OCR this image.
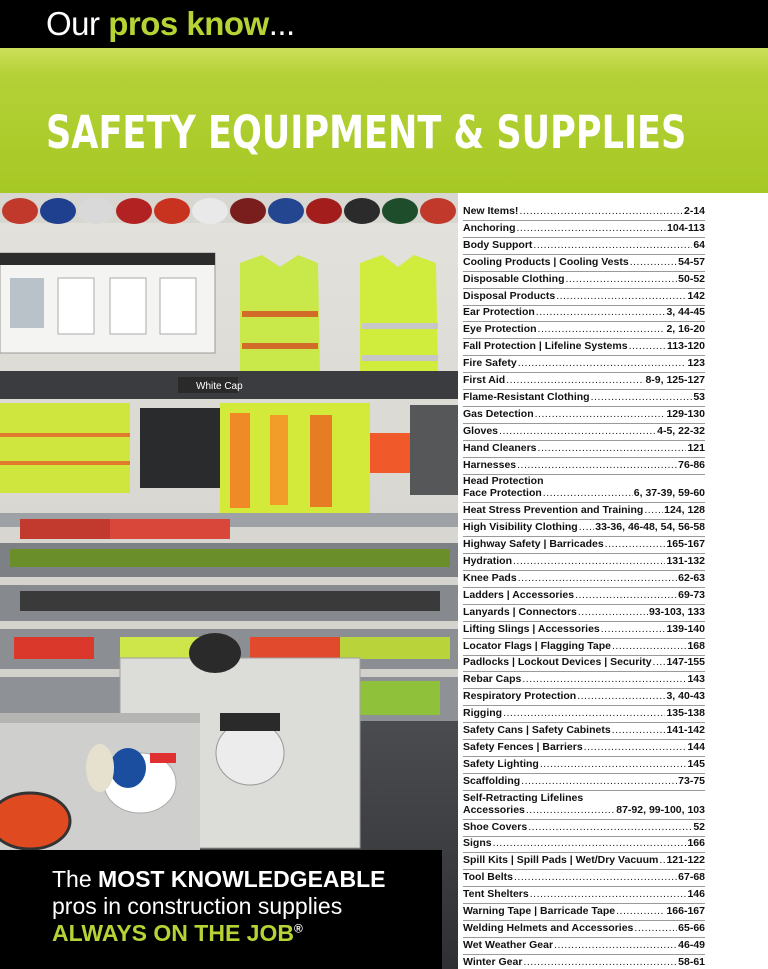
Our pros know...
SAFETY EQUIPMENT & SUPPLIES
White Cap
The MOST KNOWLEDGEABLE
pros in construction supplies
ALWAYS ON THE JOB®
New Items! .....	2-14
Anchoring .....	104-113
Body Support .....	64
Cooling Products | Cooling Vests .....	54-57
Disposable Clothing .....	50-52
Disposal Products .....	142
Ear Protection .....	3, 44-45
Eye Protection .....	2, 16-20
Fall Protection | Lifeline Systems .....	113-120
Fire Safety .....	123
First Aid .....	8-9, 125-127
Flame-Resistant Clothing .....	53
Gas Detection .....	129-130
Gloves .....	4-5, 22-32
Hand Cleaners .....	121
Harnesses .....	76-86
Head Protection
Face Protection .....	6, 37-39, 59-60
Heat Stress Prevention and Training ..... 124, 128
High Visibility Clothing ..... 33-36, 46-48, 54, 56-58
Highway Safety | Barricades .....	165-167
Hydration .....	131-132
Knee Pads .....	62-63
Ladders | Accessories .....	69-73
Lanyards | Connectors .....	93-103, 133
Lifting Slings | Accessories .....	139-140
Locator Flags | Flagging Tape .....	168
Padlocks | Lockout Devices | Security ..... 147-155
Rebar Caps .....	143
Respiratory Protection .....	3, 40-43
Rigging .....	135-138
Safety Cans | Safety Cabinets .....	141-142
Safety Fences | Barriers .....	144
Safety Lighting .....	145
Scaffolding .....	73-75
Self-Retracting Lifelines
Accessories .....	87-92, 99-100, 103
Shoe Covers .....	52
Signs .....	166
Spill Kits | Spill Pads | Wet/Dry Vacuum ..... 121-122
Tool Belts .....	67-68
Tent Shelters .....	146
Warning Tape | Barricade Tape .....	166-167
Welding Helmets and Accessories .....	65-66
Wet Weather Gear .....	46-49
Winter Gear .....	58-61
